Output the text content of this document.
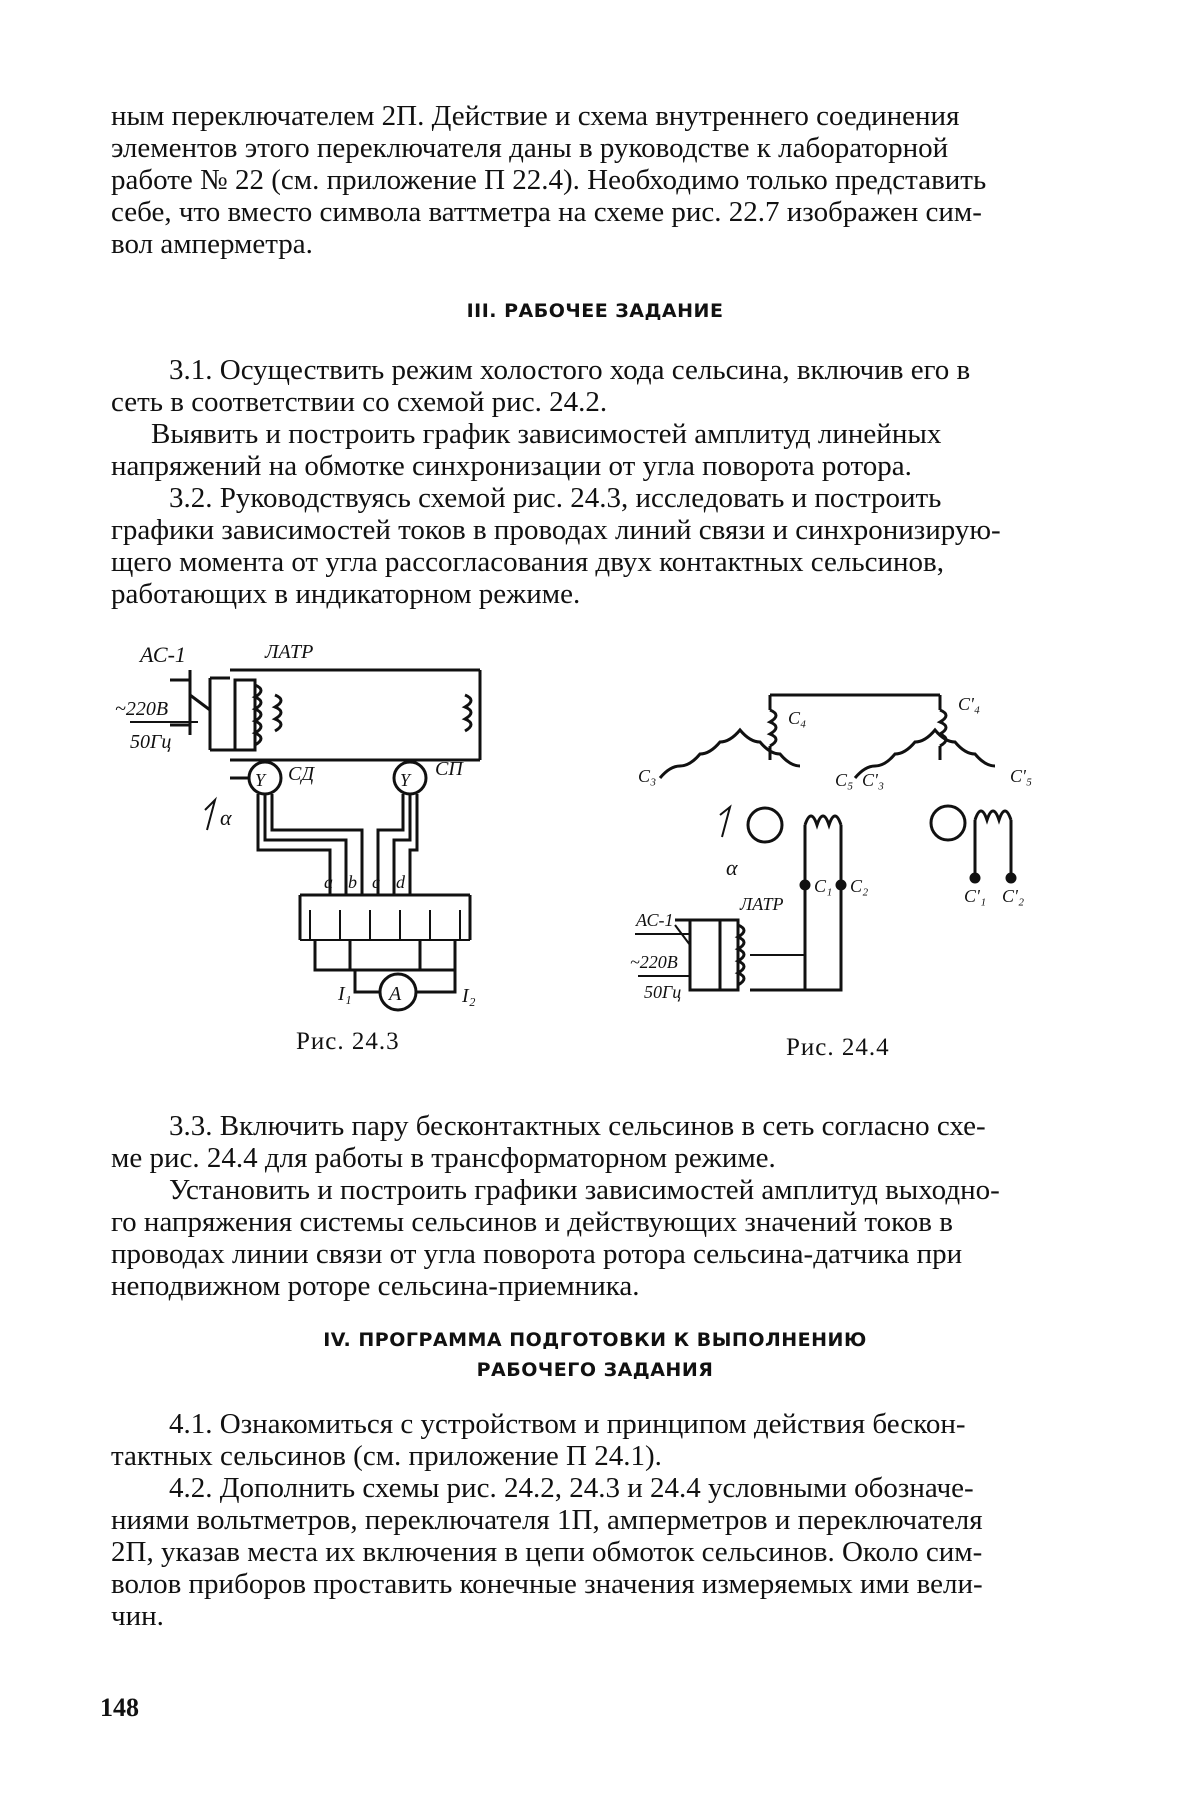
ным переключателем 2П. Действие и схема внутреннего соединения
элементов этого переключателя даны в руководстве к лабораторной
работе № 22 (см. приложение П 22.4). Необходимо только представить
себе, что вместо символа ваттметра на схеме рис. 22.7 изображен сим-
вол амперметра.
III. РАБОЧЕЕ ЗАДАНИЕ
3.1. Осуществить режим холостого хода сельсина, включив его в
сеть в соответствии со схемой рис. 24.2.
Выявить и построить график зависимостей амплитуд линейных
напряжений на обмотке синхронизации от угла поворота ротора.
3.2. Руководствуясь схемой рис. 24.3, исследовать и построить
графики зависимостей токов в проводах линий связи и синхронизирую-
щего момента от угла рассогласования двух контактных сельсинов,
работающих в индикаторном режиме.
АС-1	ЛАТР
~220В
50Гц
α
Y СД	Y СП
а b c d
A
I₁	I₂
Рис. 24.3
C₄
C'₄
C₃	C₅ C'₃	C'₅
α
C₁ C₂	C'₁ C'₂
ЛАТР
АС-1
~220В
50Гц
Рис. 24.4
3.3. Включить пару бесконтактных сельсинов в сеть согласно схе-
ме рис. 24.4 для работы в трансформаторном режиме.
Установить и построить графики зависимостей амплитуд выходно-
го напряжения системы сельсинов и действующих значений токов в
проводах линии связи от угла поворота ротора сельсина-датчика при
неподвижном роторе сельсина-приемника.
IV. ПРОГРАММА ПОДГОТОВКИ К ВЫПОЛНЕНИЮ
РАБОЧЕГО ЗАДАНИЯ
4.1. Ознакомиться с устройством и принципом действия бескон-
тактных сельсинов (см. приложение П 24.1).
4.2. Дополнить схемы рис. 24.2, 24.3 и 24.4 условными обозначе-
ниями вольтметров, переключателя 1П, амперметров и переключателя
2П, указав места их включения в цепи обмоток сельсинов. Около сим-
волов приборов проставить конечные значения измеряемых ими вели-
чин.
148
